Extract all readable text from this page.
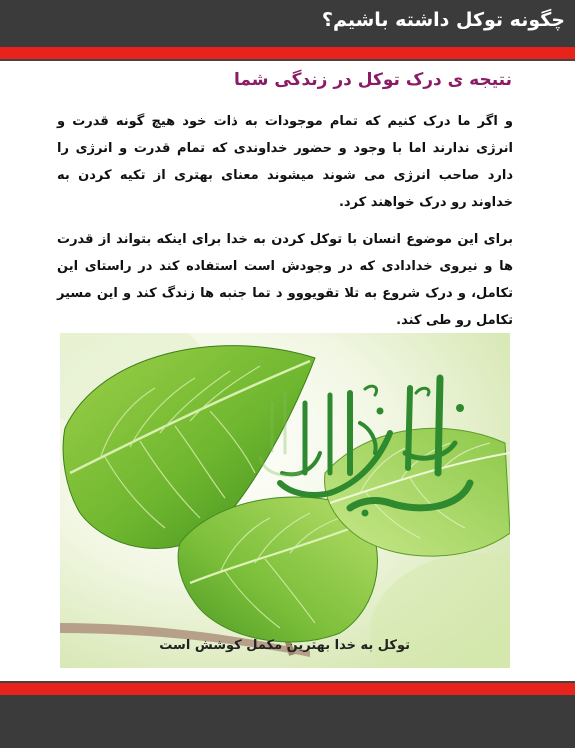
چگونه توکل داشته باشیم؟
نتیجه ی درک توکل در زندگی شما
و اگر ما درک کنیم که تمام موجودات به ذات خود هیچ گونه قدرت و انرژی ندارند اما با وجود و حضور خداوندی که تمام قدرت و انرژی را دارد صاحب انرژی می شوند میشوند معنای بهتری از تکیه کردن به خداوند رو درک خواهند کرد.
برای این موضوع انسان با توکل کردن به خدا برای اینکه بتواند از قدرت ها و نیروی خدادادی که در وجودش است استفاده کند در راستای این تکامل، و درک شروع به تلا تقویووو د تما جنبه ها زندگ کند و این مسیر تکامل رو طی کند.
توکل به خدا بهترین مکمل کوشش است
